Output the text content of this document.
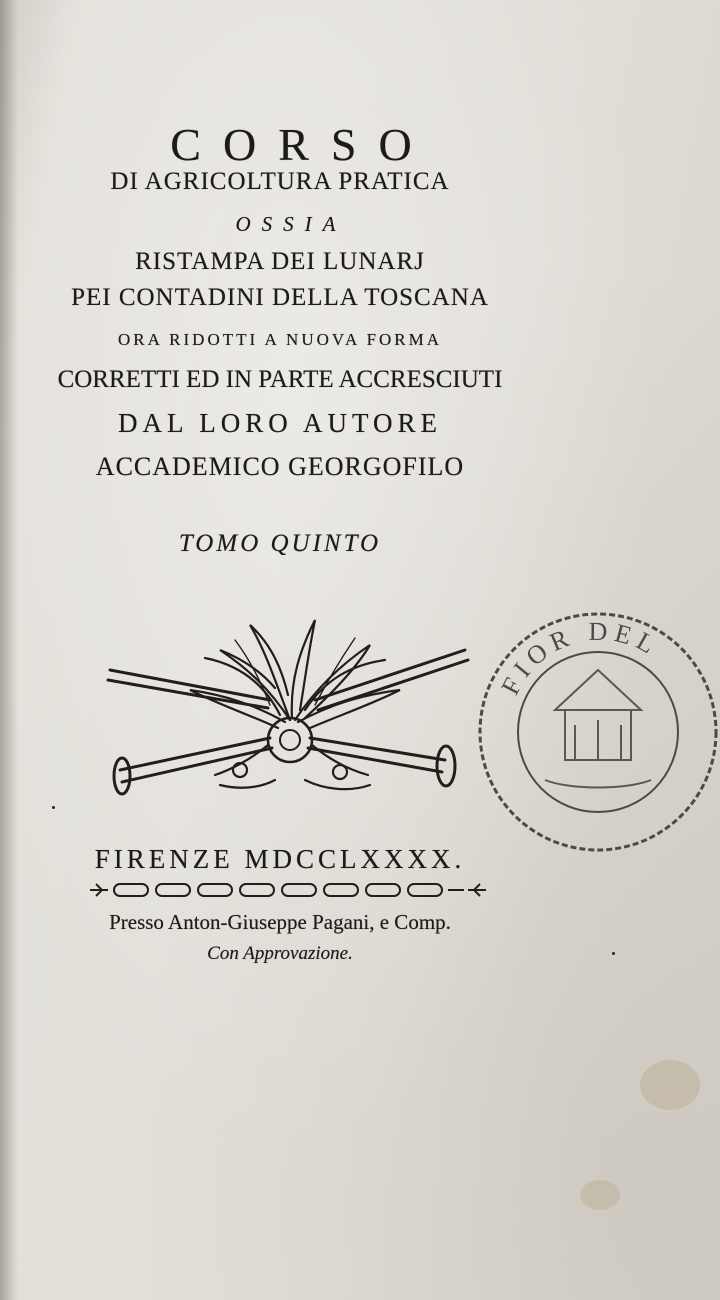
CORSO
DI AGRICOLTURA PRATICA
OSSIA
RISTAMPA DEI LUNARJ
PEI CONTADINI DELLA TOSCANA
ORA RIDOTTI A NUOVA FORMA
CORRETTI ED IN PARTE ACCRESCIUTI
DAL LORO AUTORE
ACCADEMICO GEORGOFILO
TOMO QUINTO
FIOR DEL
FIRENZE MDCCLXXXX.
Presso Anton-Giuseppe Pagani, e Comp.
Con Approvazione.
